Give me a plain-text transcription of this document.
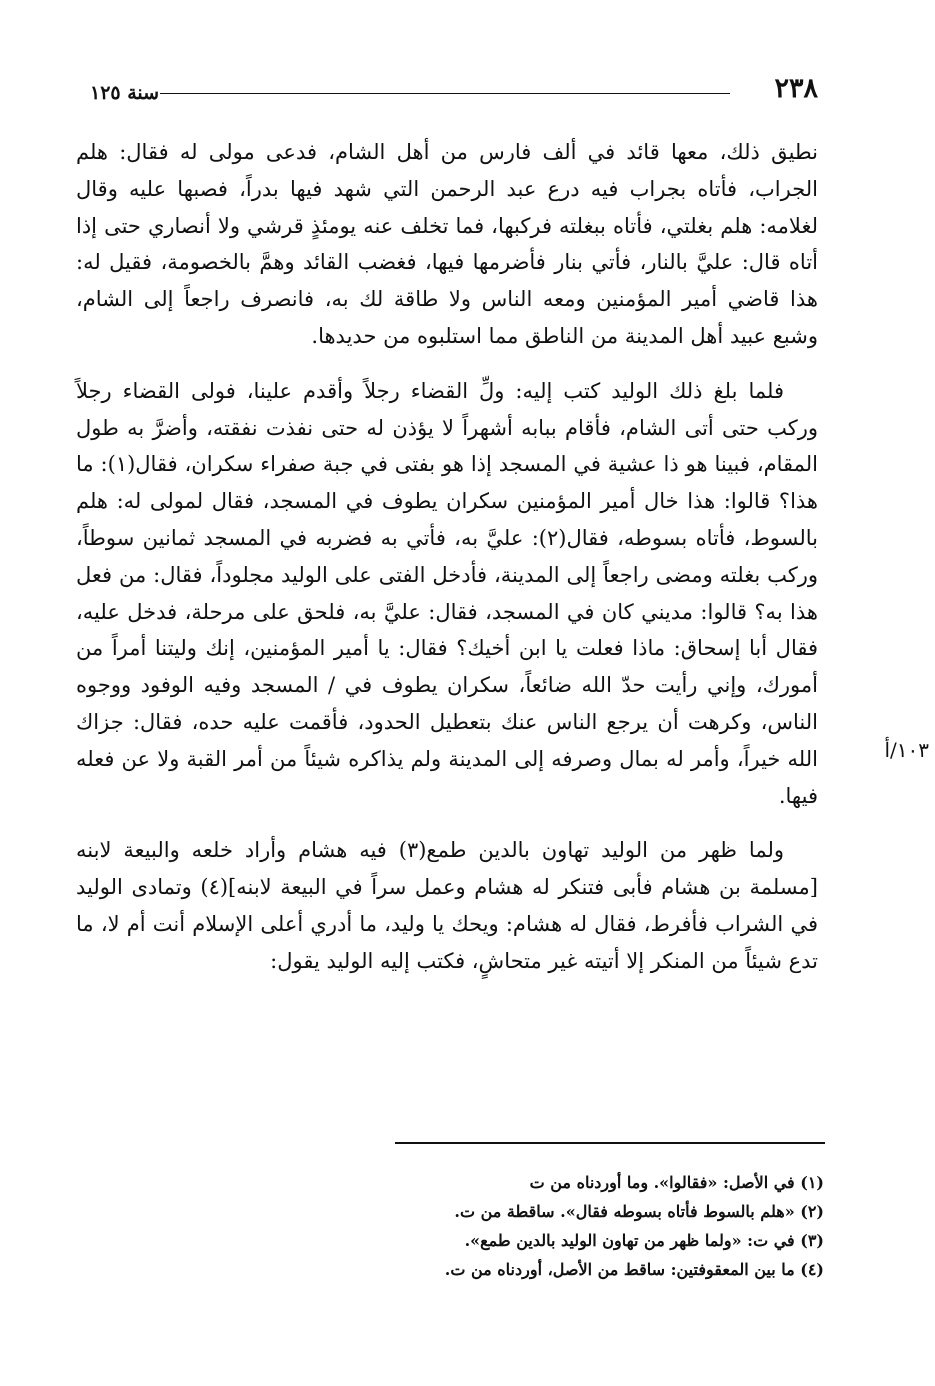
٢٣٨
سنة ١٢٥
١٠٣/أ

نطيق ذلك، معها قائد في ألف فارس من أهل الشام، فدعى مولى له فقال: هلم الجراب، فأتاه بجراب فيه درع عبد الرحمن التي شهد فيها بدراً، فصبها عليه وقال لغلامه: هلم بغلتي، فأتاه ببغلته فركبها، فما تخلف عنه يومئذٍ قرشي ولا أنصاري حتى إذا أتاه قال: عليَّ بالنار، فأتي بنار فأضرمها فيها، فغضب القائد وهمَّ بالخصومة، فقيل له: هذا قاضي أمير المؤمنين ومعه الناس ولا طاقة لك به، فانصرف راجعاً إلى الشام، وشبع عبيد أهل المدينة من الناطق مما استلبوه من حديدها.

فلما بلغ ذلك الوليد كتب إليه: ولِّ القضاء رجلاً وأقدم علينا، فولى القضاء رجلاً وركب حتى أتى الشام، فأقام ببابه أشهراً لا يؤذن له حتى نفذت نفقته، وأضرَّ به طول المقام، فبينا هو ذا عشية في المسجد إذا هو بفتى في جبة صفراء سكران، فقال(١): ما هذا؟ قالوا: هذا خال أمير المؤمنين سكران يطوف في المسجد، فقال لمولى له: هلم بالسوط، فأتاه بسوطه، فقال(٢): عليَّ به، فأتي به فضربه في المسجد ثمانين سوطاً، وركب بغلته ومضى راجعاً إلى المدينة، فأدخل الفتى على الوليد مجلوداً، فقال: من فعل هذا به؟ قالوا: مديني كان في المسجد، فقال: عليَّ به، فلحق على مرحلة، فدخل عليه، فقال أبا إسحاق: ماذا فعلت يا ابن أخيك؟ فقال: يا أمير المؤمنين، إنك وليتنا أمراً من أمورك، وإني رأيت حدّ الله ضائعاً، سكران يطوف في / المسجد وفيه الوفود ووجوه الناس، وكرهت أن يرجع الناس عنك بتعطيل الحدود، فأقمت عليه حده، فقال: جزاك الله خيراً، وأمر له بمال وصرفه إلى المدينة ولم يذاكره شيئاً من أمر القبة ولا عن فعله فيها.

ولما ظهر من الوليد تهاون بالدين طمع(٣) فيه هشام وأراد خلعه والبيعة لابنه [مسلمة بن هشام فأبى فتنكر له هشام وعمل سراً في البيعة لابنه](٤) وتمادى الوليد في الشراب فأفرط، فقال له هشام: ويحك يا وليد، ما أدري أعلى الإسلام أنت أم لا، ما تدع شيئاً من المنكر إلا أتيته غير متحاشٍ، فكتب إليه الوليد يقول:

(١) في الأصل: «فقالوا». وما أوردناه من ت
(٢) «هلم بالسوط فأتاه بسوطه فقال». ساقطة من ت.
(٣) في ت: «ولما ظهر من تهاون الوليد بالدين طمع».
(٤) ما بين المعقوفتين: ساقط من الأصل، أوردناه من ت.
